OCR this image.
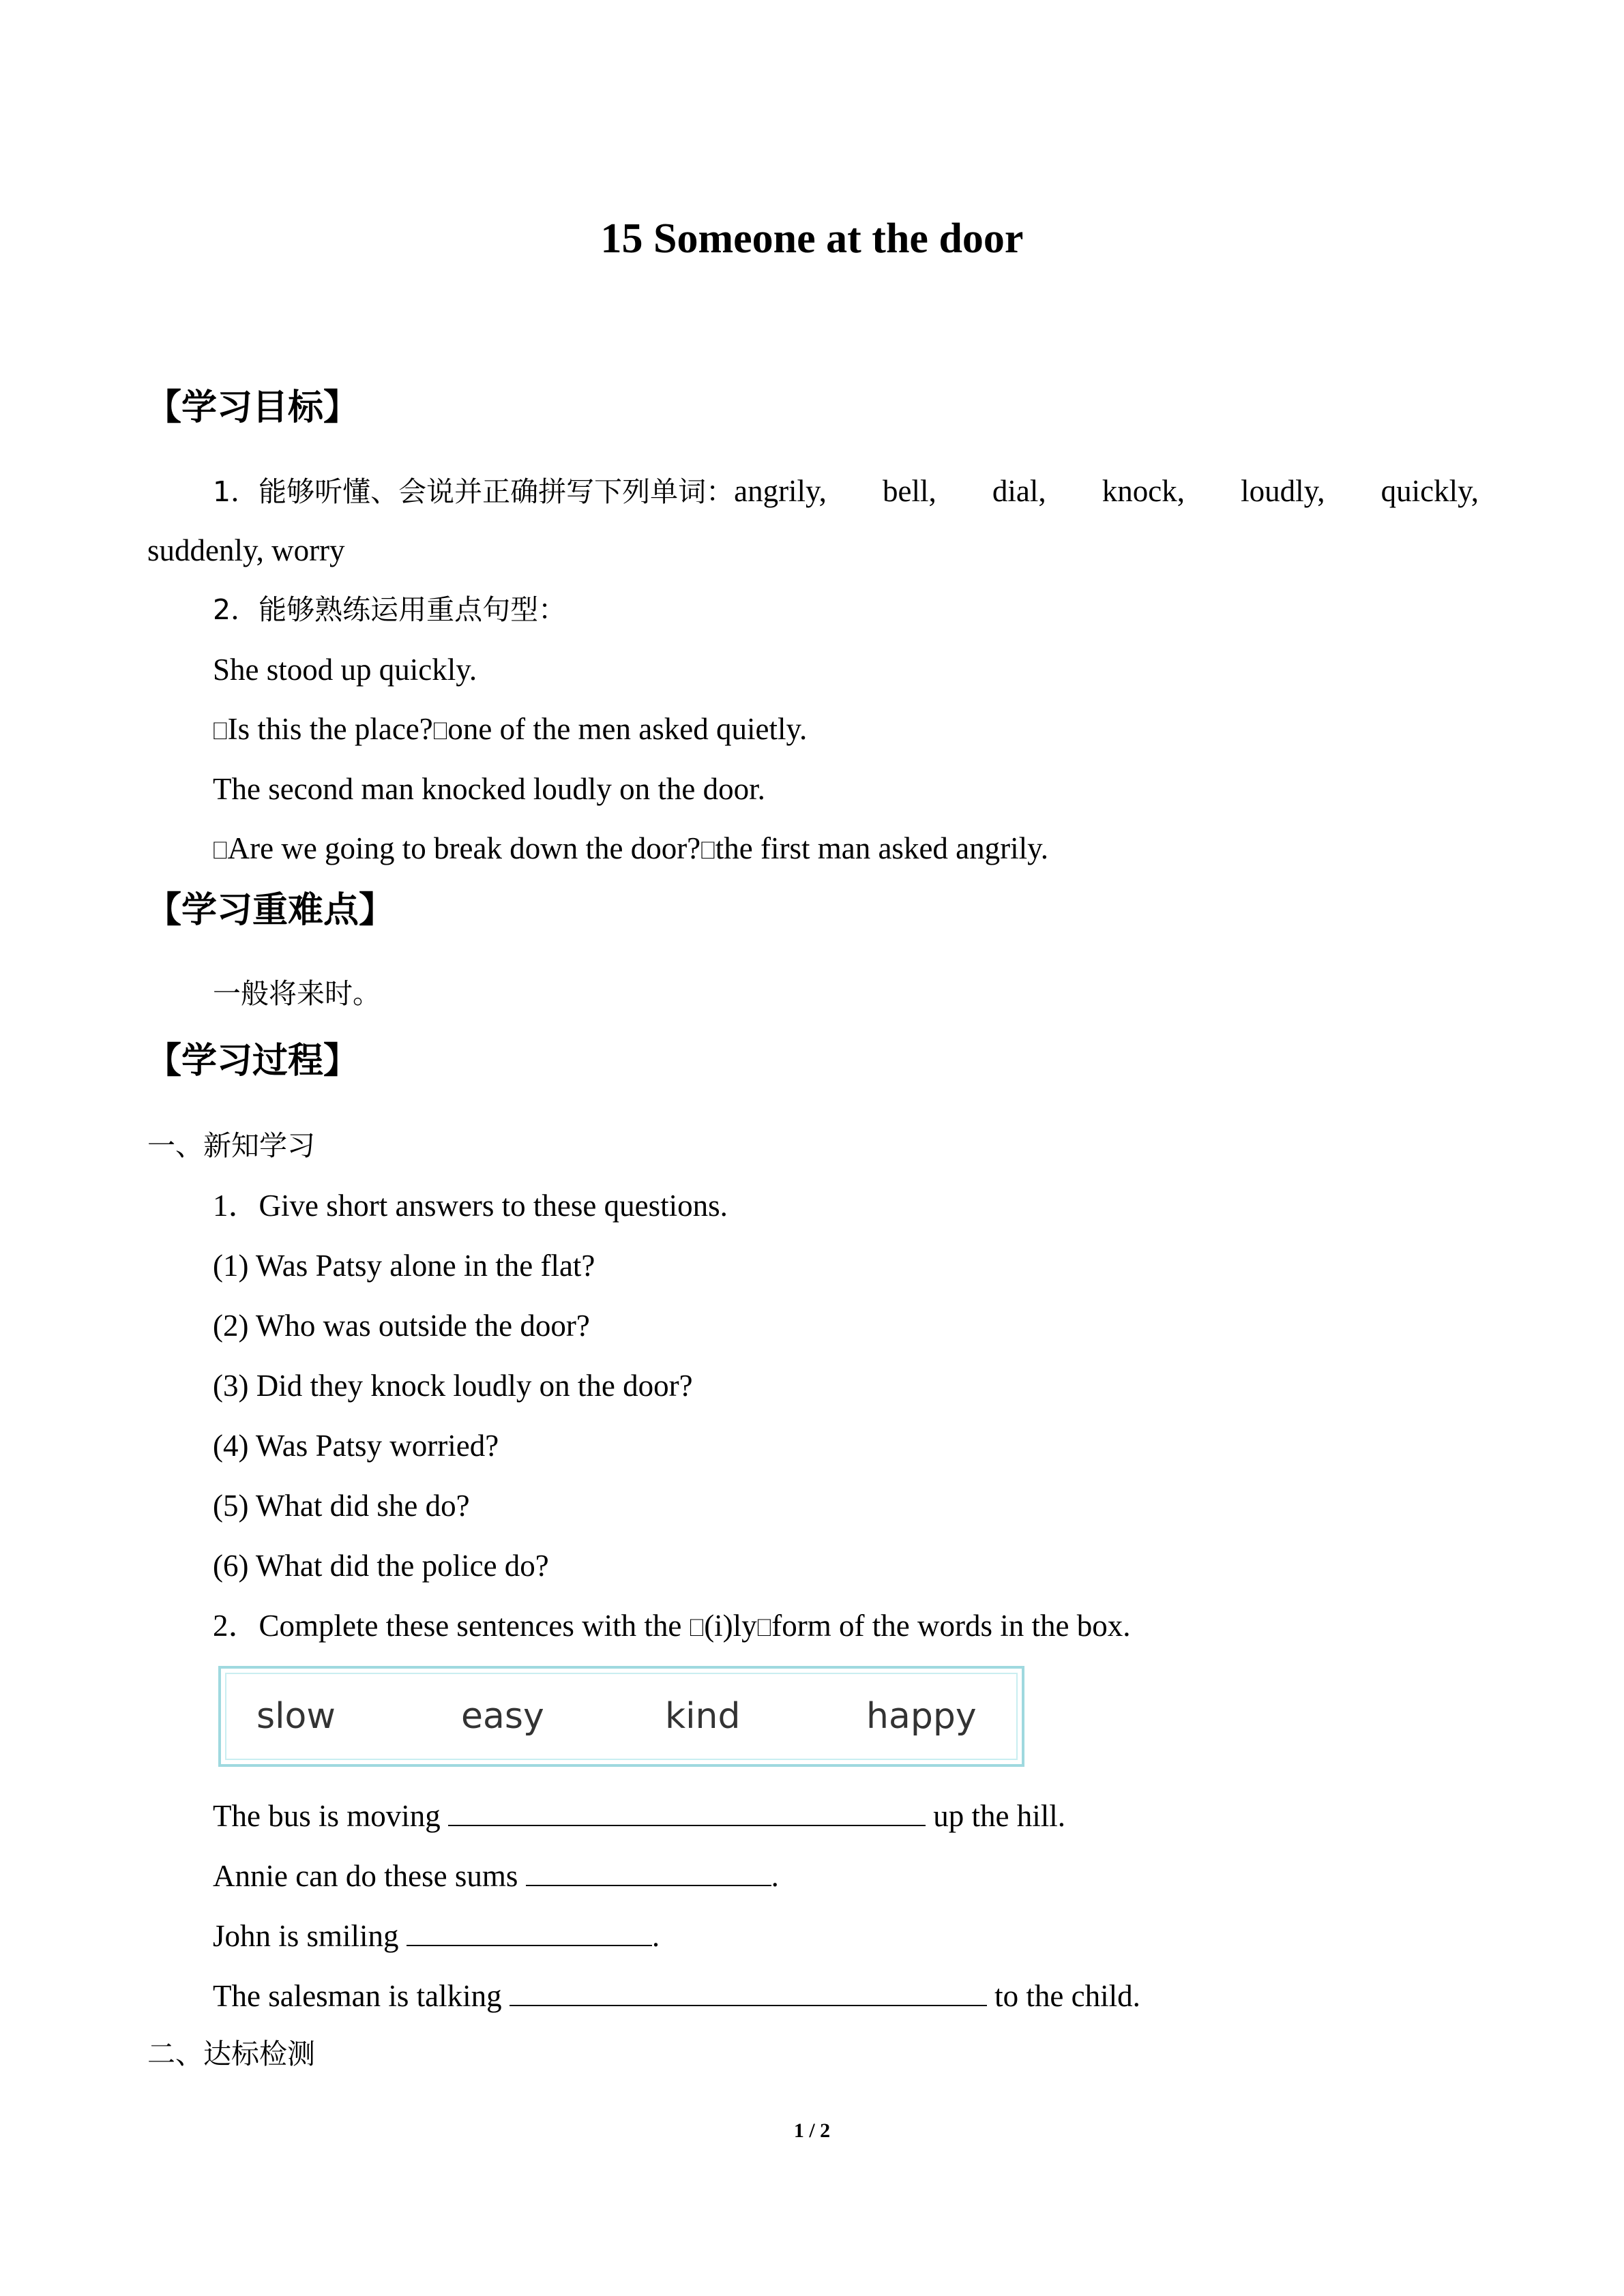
15 Someone at the door
【学习目标】
1．能够听懂、会说并正确拼写下列单词：angrily, bell, dial, knock, loudly, quickly,
suddenly, worry
2．能够熟练运用重点句型：
She stood up quickly.
⎕Is this the place?⎕one of the men asked quietly.
The second man knocked loudly on the door.
⎕Are we going to break down the door?⎕the first man asked angrily.
【学习重难点】
一般将来时。
【学习过程】
一、新知学习
1．Give short answers to these questions.
(1) Was Patsy alone in the flat?
(2) Who was outside the door?
(3) Did they knock loudly on the door?
(4) Was Patsy worried?
(5) What did she do?
(6) What did the police do?
2．Complete these sentences with the ⎕(i)ly⎕form of the words in the box.
slow	easy	kind	happy
The bus is moving	up the hill.
Annie can do these sums	.
John is smiling	.
The salesman is talking	to the child.
二、达标检测
1 / 2
